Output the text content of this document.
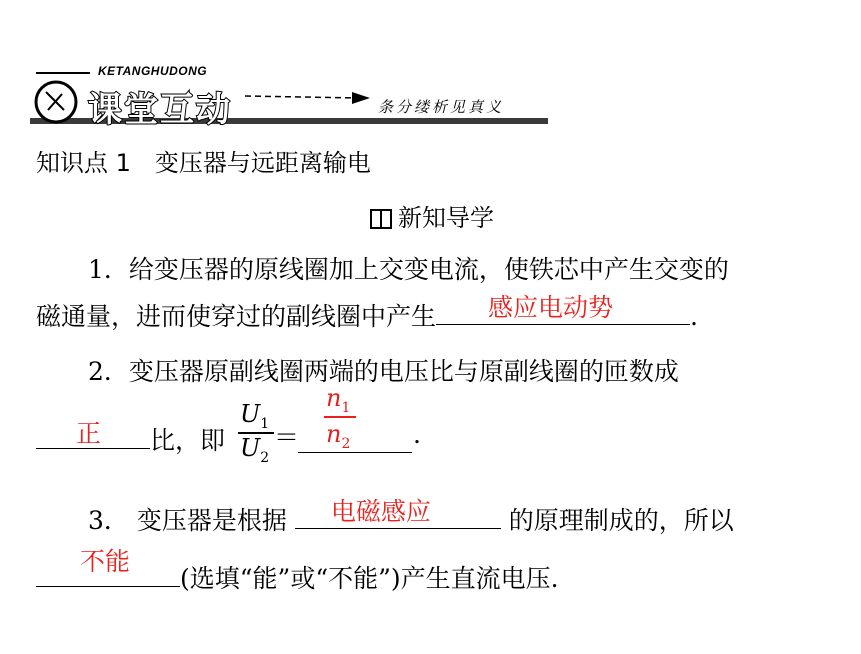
KETANGHUDONG
课堂互动	条分缕析见真义
知识点 1　变压器与远距离输电
新知导学
1．给变压器的原线圈加上交变电流，使铁芯中产生交变的
磁通量，进而使穿过的副线圈中产生 感应电动势	.
2．变压器原副线圈两端的电压比与原副线圈的匝数成
正 比，即
$U_1$
$U_2$
＝
$n_1$
$n_2$	.
3． 变压器是根据 电磁感应	的原理制成的，所以
不能
(选填“能”或“不能”)产生直流电压.
